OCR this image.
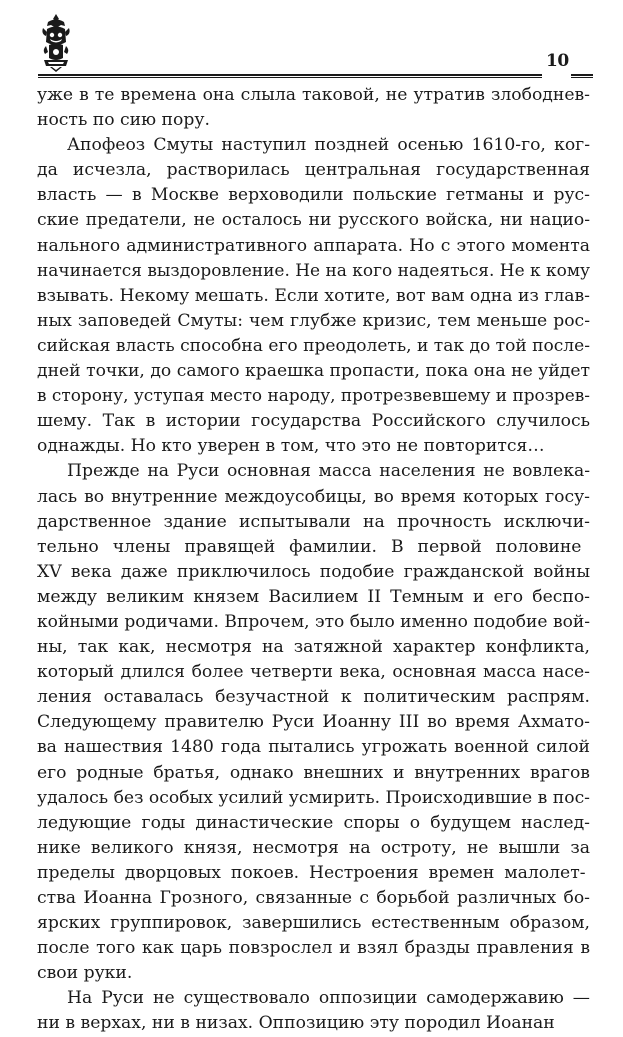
10
уже в те времена она слыла таковой, не утратив злободнев-
ность по сию пору.
Апофеоз Смуты наступил поздней осенью 1610-го, ког-
да исчезла, растворилась центральная государственная
власть — в Москве верховодили польские гетманы и рус-
ские предатели, не осталось ни русского войска, ни нацио-
нального административного аппарата. Но с этого момента
начинается выздоровление. Не на кого надеяться. Не к кому
взывать. Некому мешать. Если хотите, вот вам одна из глав-
ных заповедей Смуты: чем глубже кризис, тем меньше рос-
сийская власть способна его преодолеть, и так до той после-
дней точки, до самого краешка пропасти, пока она не уйдет
в сторону, уступая место народу, протрезвевшему и прозрев-
шему. Так в истории государства Российского случилось
однажды. Но кто уверен в том, что это не повторится…
Прежде на Руси основная масса населения не вовлека-
лась во внутренние междоусобицы, во время которых госу-
дарственное здание испытывали на прочность исключи-
тельно члены правящей фамилии. В первой половине
XV века даже приключилось подобие гражданской войны
между великим князем Василием II Темным и его беспо-
койными родичами. Впрочем, это было именно подобие вой-
ны, так как, несмотря на затяжной характер конфликта,
который длился более четверти века, основная масса насе-
ления оставалась безучастной к политическим распрям.
Следующему правителю Руси Иоанну III во время Ахмато-
ва нашествия 1480 года пытались угрожать военной силой
его родные братья, однако внешних и внутренних врагов
удалось без особых усилий усмирить. Происходившие в пос-
ледующие годы династические споры о будущем наслед-
нике великого князя, несмотря на остроту, не вышли за
пределы дворцовых покоев. Нестроения времен малолет-
ства Иоанна Грозного, связанные с борьбой различных бо-
ярских группировок, завершились естественным образом,
после того как царь повзрослел и взял бразды правления в
свои руки.
На Руси не существовало оппозиции самодержавию —
ни в верхах, ни в низах. Оппозицию эту породил Иоанан
